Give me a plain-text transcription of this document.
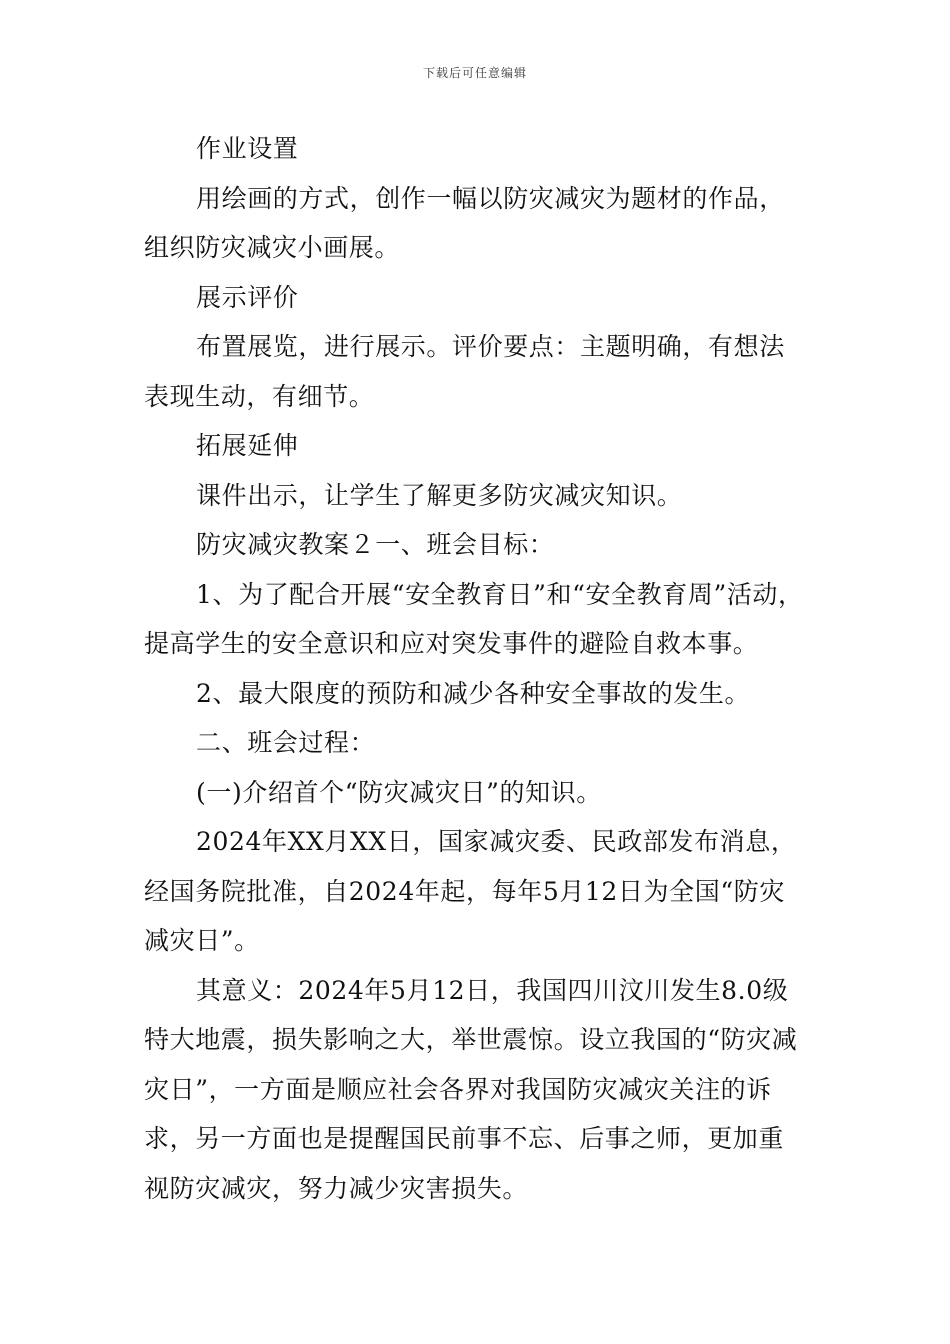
下载后可任意编辑

作业设置

用绘画的方式，创作一幅以防灾减灾为题材的作品，组织防灾减灾小画展。

展示评价

布置展览，进行展示。评价要点：主题明确，有想法表现生动，有细节。

拓展延伸

课件出示，让学生了解更多防灾减灾知识。

防灾减灾教案２一、班会目标：

1、为了配合开展“安全教育日”和“安全教育周”活动，提高学生的安全意识和应对突发事件的避险自救本事。

2、最大限度的预防和减少各种安全事故的发生。

二、班会过程：

(一)介绍首个“防灾减灾日”的知识。

2024年XX月XX日，国家减灾委、民政部发布消息，经国务院批准，自2024年起，每年5月12日为全国“防灾减灾日”。

其意义：2024年5月12日，我国四川汶川发生8.0级特大地震，损失影响之大，举世震惊。设立我国的“防灾减灾日”，一方面是顺应社会各界对我国防灾减灾关注的诉求，另一方面也是提醒国民前事不忘、后事之师，更加重视防灾减灾，努力减少灾害损失。
